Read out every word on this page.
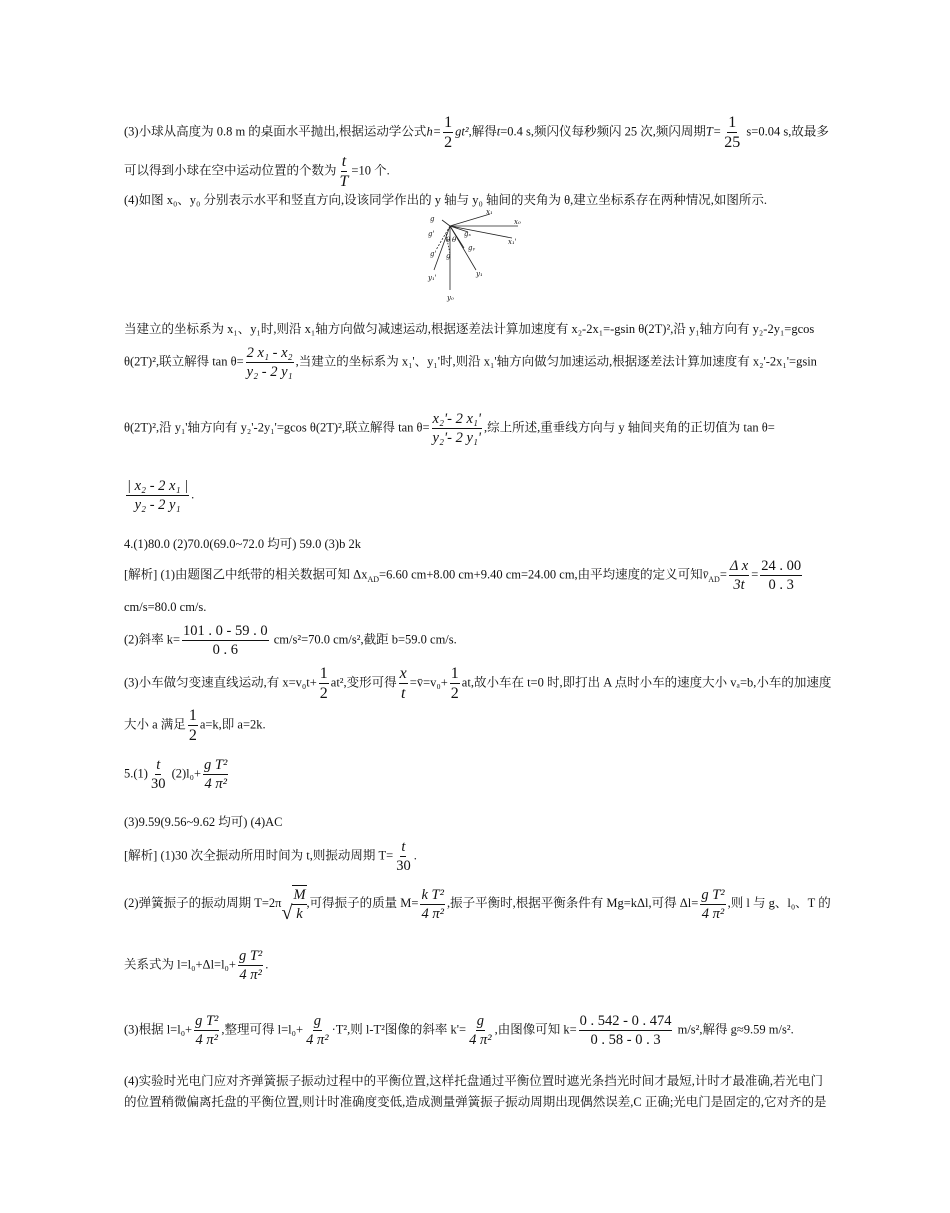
(3)小球从高度为 0.8 m 的桌面水平抛出,根据运动学公式$h= \frac{1}{2} gt^2$,解得t=0.4 s,频闪仪每秒频闪 25 次,频闪周期$T= \frac{1}{25} s=0.04$ s,故最多
可以得到小球在空中运动位置的个数为 $\frac{t}{T} =10$ 个.
(4)如图 x₀、y₀ 分别表示水平和竖直方向,设该同学作出的 y 轴与 y₀ 轴间的夹角为 θ,建立坐标系存在两种情况,如图所示.
g
x₁
x₀
x₁'
gₓ
g'
gᵧ
θ θ
g
g'
y₁
y₁'
y₀
当建立的坐标系为 x₁、y₁时,则沿 x₁轴方向做匀减速运动,根据逐差法计算加速度有 x₂-2x₁=-gsin θ(2T)²,沿 y₁轴方向有 y₂-2y₁=gcos
θ(2T)²,联立解得 $\tan \theta= \frac{\text{2 x₁ - x₂}}{\text{y₂ - 2 y₁}}$ ,当建立的坐标系为 x₁'、y₁'时,则沿 x₁'轴方向做匀加速运动,根据逐差法计算加速度有 x₂'-2x₁'=gsin
θ(2T)²,沿 y₁'轴方向有 y₂'-2y₁'=gcos θ(2T)²,联立解得 $\tan \theta= \frac{\text{x₂'- 2 x₁'}}{\text{y₂'- 2 y₁'}}$ ,综上所述,重垂线方向与 y 轴间夹角的正切值为 tan θ=
$\frac{\text{| x₂ - 2 x₁ |}}{\text{y₂ - 2 y₁}}$ .
4.(1)80.0 (2)70.0(69.0~72.0 均可) 59.0 (3)b 2k
[解析] (1)由题图乙中纸带的相关数据可知 $\Delta x_{AD}=6.60$ cm+8.00 cm+9.40 cm=24.00 cm,由平均速度的定义可知$v̄_{AD}= \frac{\text{Δ x}}{3t} = \frac{24 . 00}{0 . 3}$
cm/s=80.0 cm/s.
(2)斜率 $k= \frac{101 . 0 - 59 . 0}{0 . 6} cm/s^2=70.0$ cm/s²,截距 b=59.0 cm/s.
(3)小车做匀变速直线运动,有 $x=v_0t+ \frac{1}{2} at^2$,变形可得 $\frac{x}{t}$ =v̄=v₀+ $\frac{1}{2}$ at,故小车在 t=0 时,即打出 A 点时小车的速度大小 vₐ=b,小车的加速度
大小 a 满足 $\frac{1}{2} a=k$,即 a=2k.
$5.(1) \frac{t}{30} (2)l_0+ \frac{\text{g T²}}{\text{4 π²}}$
(3)9.59(9.56~9.62 均可) (4)AC
[解析] (1)30 次全振动所用时间为 t,则振动周期 $T= \frac{t}{30}$ .
(2)弹簧振子的振动周期 T=2π √ $\frac{M}{k}$ ,可得振子的质量 $M= \frac{\text{k T²}}{\text{4 π²}}$ ,振子平衡时,根据平衡条件有 Mg=kΔl,可得 $\Delta l= \frac{\text{g T²}}{\text{4 π²}}$ ,则 l 与 g、l₀、T 的
关系式为 $l=l_0+\Delta l=l_0+ \frac{\text{g T²}}{\text{4 π²}}$ .
(3)根据 $l=l_0+ \frac{\text{g T²}}{\text{4 π²}}$ ,整理可得 $l=l_0+ \frac{g}{\text{4 π²}} \cdot T^2$,则 l-T²图像的斜率 $k'= \frac{g}{\text{4 π²}}$ ,由图像可知 $k= \frac{0 . 542 - 0 . 474}{0 . 58 - 0 . 3} m/s^2$,解得 g≈9.59 m/s².
(4)实验时光电门应对齐弹簧振子振动过程中的平衡位置,这样托盘通过平衡位置时遮光条挡光时间才最短,计时才最准确,若光电门
的位置稍微偏离托盘的平衡位置,则计时准确度变低,造成测量弹簧振子振动周期出现偶然误差,C 正确;光电门是固定的,它对齐的是
